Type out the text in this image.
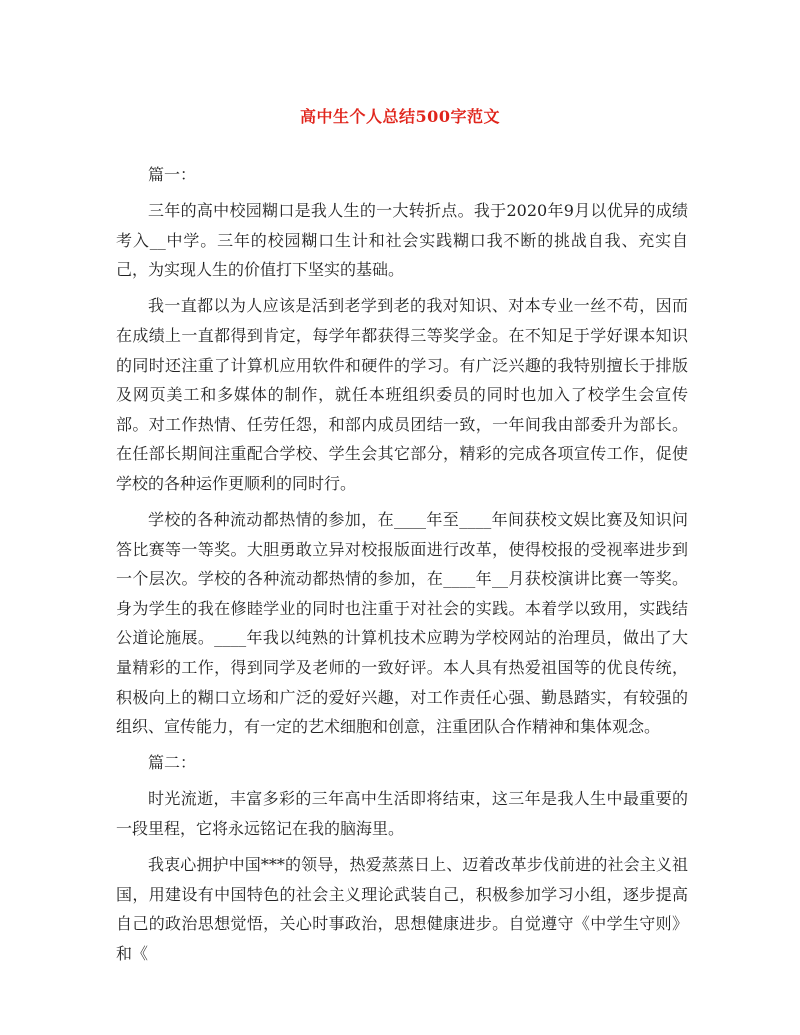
高中生个人总结500字范文

篇一：

三年的高中校园糊口是我人生的一大转折点。我于2020年9月以优异的成绩考入__中学。三年的校园糊口生计和社会实践糊口我不断的挑战自我、充实自己，为实现人生的价值打下坚实的基础。

我一直都以为人应该是活到老学到老的我对知识、对本专业一丝不苟，因而在成绩上一直都得到肯定，每学年都获得三等奖学金。在不知足于学好课本知识的同时还注重了计算机应用软件和硬件的学习。有广泛兴趣的我特别擅长于排版及网页美工和多媒体的制作，就任本班组织委员的同时也加入了校学生会宣传部。对工作热情、任劳任怨，和部内成员团结一致，一年间我由部委升为部长。在任部长期间注重配合学校、学生会其它部分，精彩的完成各项宣传工作，促使学校的各种运作更顺利的同时行。

学校的各种流动都热情的参加，在____年至____年间获校文娱比赛及知识问答比赛等一等奖。大胆勇敢立异对校报版面进行改革，使得校报的受视率进步到一个层次。学校的各种流动都热情的参加，在____年__月获校演讲比赛一等奖。身为学生的我在修睦学业的同时也注重于对社会的实践。本着学以致用，实践结公道论施展。____年我以纯熟的计算机技术应聘为学校网站的治理员，做出了大量精彩的工作，得到同学及老师的一致好评。本人具有热爱祖国等的优良传统，积极向上的糊口立场和广泛的爱好兴趣，对工作责任心强、勤恳踏实，有较强的组织、宣传能力，有一定的艺术细胞和创意，注重团队合作精神和集体观念。

篇二：

时光流逝，丰富多彩的三年高中生活即将结束，这三年是我人生中最重要的一段里程，它将永远铭记在我的脑海里。

我衷心拥护中国***的领导，热爱蒸蒸日上、迈着改革步伐前进的社会主义祖国，用建设有中国特色的社会主义理论武装自己，积极参加学习小组，逐步提高自己的政治思想觉悟，关心时事政治，思想健康进步。自觉遵守《中学生守则》和《
